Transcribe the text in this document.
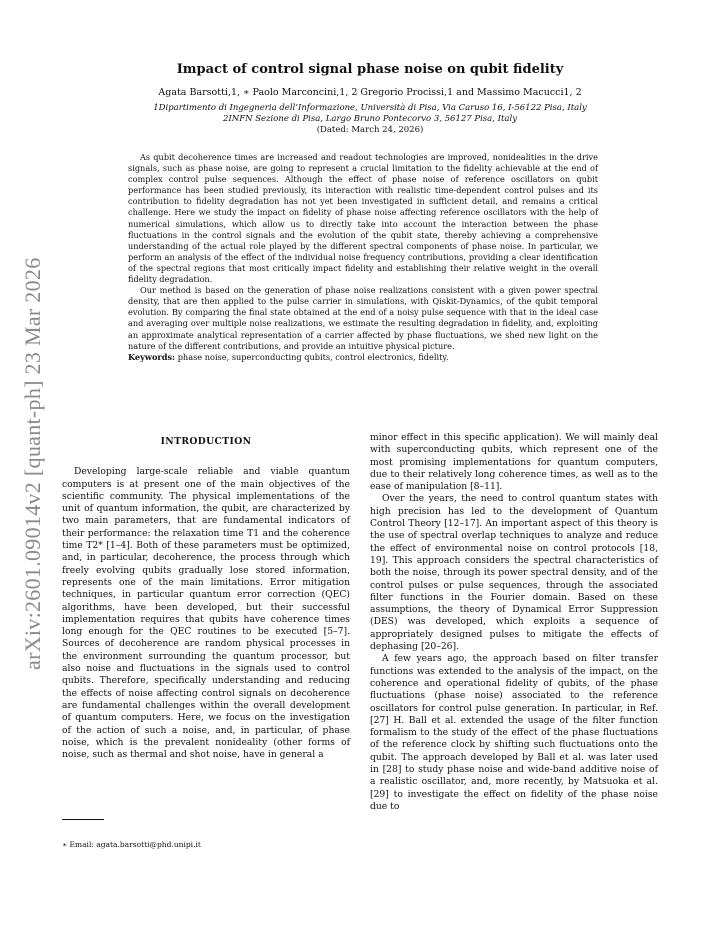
arXiv:2601.09014v2 [quant-ph] 23 Mar 2026
Impact of control signal phase noise on qubit fidelity
Agata Barsotti,1, ∗ Paolo Marconcini,1, 2 Gregorio Procissi,1 and Massimo Macucci1, 2
1Dipartimento di Ingegneria dell’Informazione, Università di Pisa, Via Caruso 16, I-56122 Pisa, Italy
2INFN Sezione di Pisa, Largo Bruno Pontecorvo 3, 56127 Pisa, Italy
(Dated: March 24, 2026)

As qubit decoherence times are increased and readout technologies are improved, nonidealities in the drive signals, such as phase noise, are going to represent a crucial limitation to the fidelity achievable at the end of complex control pulse sequences. Although the effect of phase noise of reference oscillators on qubit performance has been studied previously, its interaction with realistic time-dependent control pulses and its contribution to fidelity degradation has not yet been investigated in sufficient detail, and remains a critical challenge. Here we study the impact on fidelity of phase noise affecting reference oscillators with the help of numerical simulations, which allow us to directly take into account the interaction between the phase fluctuations in the control signals and the evolution of the qubit state, thereby achieving a comprehensive understanding of the actual role played by the different spectral components of phase noise. In particular, we perform an analysis of the effect of the individual noise frequency contributions, providing a clear identification of the spectral regions that most critically impact fidelity and establishing their relative weight in the overall fidelity degradation.

Our method is based on the generation of phase noise realizations consistent with a given power spectral density, that are then applied to the pulse carrier in simulations, with Qiskit-Dynamics, of the qubit temporal evolution. By comparing the final state obtained at the end of a noisy pulse sequence with that in the ideal case and averaging over multiple noise realizations, we estimate the resulting degradation in fidelity, and, exploiting an approximate analytical representation of a carrier affected by phase fluctuations, we shed new light on the nature of the different contributions, and provide an intuitive physical picture.

Keywords: phase noise, superconducting qubits, control electronics, fidelity.
INTRODUCTION

Developing large-scale reliable and viable quantum computers is at present one of the main objectives of the scientific community. The physical implementations of the unit of quantum information, the qubit, are characterized by two main parameters, that are fundamental indicators of their performance: the relaxation time T1 and the coherence time T2* [1–4]. Both of these parameters must be optimized, and, in particular, decoherence, the process through which freely evolving qubits gradually lose stored information, represents one of the main limitations. Error mitigation techniques, in particular quantum error correction (QEC) algorithms, have been developed, but their successful implementation requires that qubits have coherence times long enough for the QEC routines to be executed [5–7]. Sources of decoherence are random physical processes in the environment surrounding the quantum processor, but also noise and fluctuations in the signals used to control qubits. Therefore, specifically understanding and reducing the effects of noise affecting control signals on decoherence are fundamental challenges within the overall development of quantum computers. Here, we focus on the investigation of the action of such a noise, and, in particular, of phase noise, which is the prevalent nonideality (other forms of noise, such as thermal and shot noise, have in general a

minor effect in this specific application). We will mainly deal with superconducting qubits, which represent one of the most promising implementations for quantum computers, due to their relatively long coherence times, as well as to the ease of manipulation [8–11].

Over the years, the need to control quantum states with high precision has led to the development of Quantum Control Theory [12–17]. An important aspect of this theory is the use of spectral overlap techniques to analyze and reduce the effect of environmental noise on control protocols [18, 19]. This approach considers the spectral characteristics of both the noise, through its power spectral density, and of the control pulses or pulse sequences, through the associated filter functions in the Fourier domain. Based on these assumptions, the theory of Dynamical Error Suppression (DES) was developed, which exploits a sequence of appropriately designed pulses to mitigate the effects of dephasing [20–26].

A few years ago, the approach based on filter transfer functions was extended to the analysis of the impact, on the coherence and operational fidelity of qubits, of the phase fluctuations (phase noise) associated to the reference oscillators for control pulse generation. In particular, in Ref. [27] H. Ball et al. extended the usage of the filter function formalism to the study of the effect of the phase fluctuations of the reference clock by shifting such fluctuations onto the qubit. The approach developed by Ball et al. was later used in [28] to study phase noise and wide-band additive noise of a realistic oscillator, and, more recently, by Matsuoka et al. [29] to investigate the effect on fidelity of the phase noise due to

∗ Email: agata.barsotti@phd.unipi.it
